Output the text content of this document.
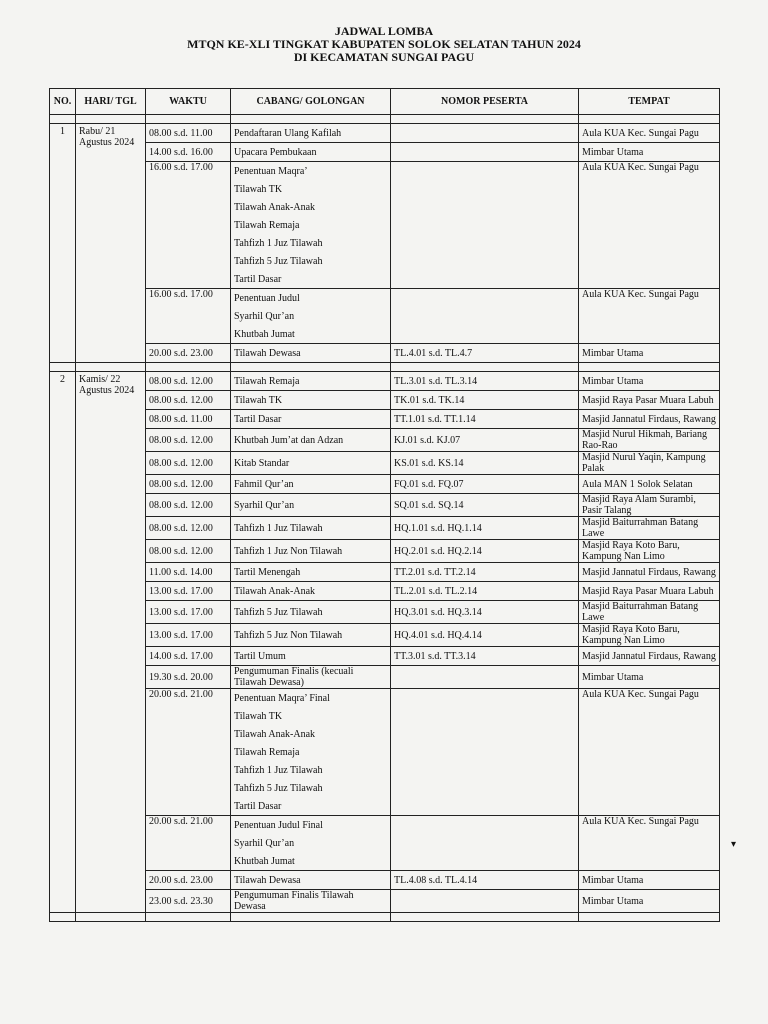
JADWAL LOMBA
MTQN KE-XLI TINGKAT KABUPATEN SOLOK SELATAN TAHUN 2024
DI KECAMATAN SUNGAI PAGU
NO.	HARI/ TGL	WAKTU	CABANG/ GOLONGAN	NOMOR PESERTA	TEMPAT

1	Rabu/ 21 Agustus 2024	08.00 s.d. 11.00	Pendaftaran Ulang Kafilah		Aula KUA Kec. Sungai Pagu
		14.00 s.d. 16.00	Upacara Pembukaan		Mimbar Utama
		16.00 s.d. 17.00	Penentuan Maqra’		Aula KUA Kec. Sungai Pagu
			Tilawah TK		
			Tilawah Anak-Anak		
			Tilawah Remaja		
			Tahfizh 1 Juz Tilawah		
			Tahfizh 5 Juz Tilawah		
			Tartil Dasar		
		16.00 s.d. 17.00	Penentuan Judul		Aula KUA Kec. Sungai Pagu
			Syarhil Qur’an		
			Khutbah Jumat		
		20.00 s.d. 23.00	Tilawah Dewasa	TL.4.01 s.d. TL.4.7	Mimbar Utama

2	Kamis/ 22 Agustus 2024	08.00 s.d. 12.00	Tilawah Remaja	TL.3.01 s.d. TL.3.14	Mimbar Utama
		08.00 s.d. 12.00	Tilawah TK	TK.01 s.d. TK.14	Masjid Raya Pasar Muara Labuh
		08.00 s.d. 11.00	Tartil Dasar	TT.1.01 s.d. TT.1.14	Masjid Jannatul Firdaus, Rawang
		08.00 s.d. 12.00	Khutbah Jum’at dan Adzan	KJ.01 s.d. KJ.07	Masjid Nurul Hikmah, Bariang Rao-Rao
		08.00 s.d. 12.00	Kitab Standar	KS.01 s.d. KS.14	Masjid Nurul Yaqin, Kampung Palak
		08.00 s.d. 12.00	Fahmil Qur’an	FQ.01 s.d. FQ.07	Aula MAN 1 Solok Selatan
		08.00 s.d. 12.00	Syarhil Qur’an	SQ.01 s.d. SQ.14	Masjid Raya Alam Surambi, Pasir Talang
		08.00 s.d. 12.00	Tahfizh 1 Juz Tilawah	HQ.1.01 s.d. HQ.1.14	Masjid Baiturrahman Batang Lawe
		08.00 s.d. 12.00	Tahfizh 1 Juz Non Tilawah	HQ.2.01 s.d. HQ.2.14	Masjid Raya Koto Baru, Kampung Nan Limo
		11.00 s.d. 14.00	Tartil Menengah	TT.2.01 s.d. TT.2.14	Masjid Jannatul Firdaus, Rawang
		13.00 s.d. 17.00	Tilawah Anak-Anak	TL.2.01 s.d. TL.2.14	Masjid Raya Pasar Muara Labuh
		13.00 s.d. 17.00	Tahfizh 5 Juz Tilawah	HQ.3.01 s.d. HQ.3.14	Masjid Baiturrahman Batang Lawe
		13.00 s.d. 17.00	Tahfizh 5 Juz Non Tilawah	HQ.4.01 s.d. HQ.4.14	Masjid Raya Koto Baru, Kampung Nan Limo
		14.00 s.d. 17.00	Tartil Umum	TT.3.01 s.d. TT.3.14	Masjid Jannatul Firdaus, Rawang
		19.30 s.d. 20.00	Pengumuman Finalis (kecuali Tilawah Dewasa)		Mimbar Utama
		20.00 s.d. 21.00	Penentuan Maqra’ Final		Aula KUA Kec. Sungai Pagu
			Tilawah TK		
			Tilawah Anak-Anak		
			Tilawah Remaja		
			Tahfizh 1 Juz Tilawah		
			Tahfizh 5 Juz Tilawah		
			Tartil Dasar		
		20.00 s.d. 21.00	Penentuan Judul Final		Aula KUA Kec. Sungai Pagu
			Syarhil Qur’an		
			Khutbah Jumat		
		20.00 s.d. 23.00	Tilawah Dewasa	TL.4.08 s.d. TL.4.14	Mimbar Utama
		23.00 s.d. 23.30	Pengumuman Finalis Tilawah Dewasa		Mimbar Utama

▾
